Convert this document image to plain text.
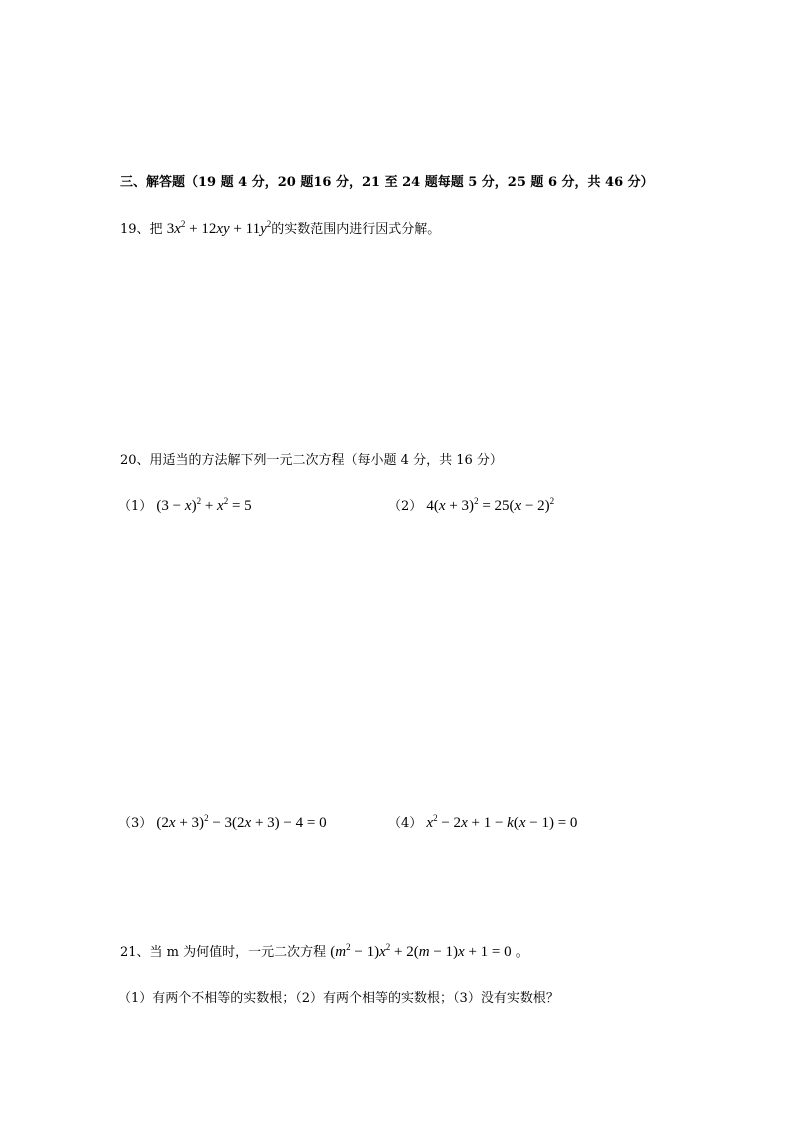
三、解答题（19 题 4 分，20 题16 分，21 至 24 题每题 5 分，25 题 6 分，共 46 分）
19、把 $3x^2 + 12xy + 11y^2$的实数范围内进行因式分解。
20、用适当的方法解下列一元二次方程（每小题 4 分，共 16 分）
（1） $(3 - x)^2 + x^2 = 5$	（2） $4(x + 3)^2 = 25(x - 2)^2$
（3） $(2x + 3)^2 - 3(2x + 3) - 4 = 0$	（4） $x^2 - 2x + 1 - k(x - 1) = 0$
21、当 m 为何值时，一元二次方程 $(m^2 - 1)x^2 + 2(m - 1)x + 1 = 0$ 。
（1）有两个不相等的实数根；（2）有两个相等的实数根；（3）没有实数根？
